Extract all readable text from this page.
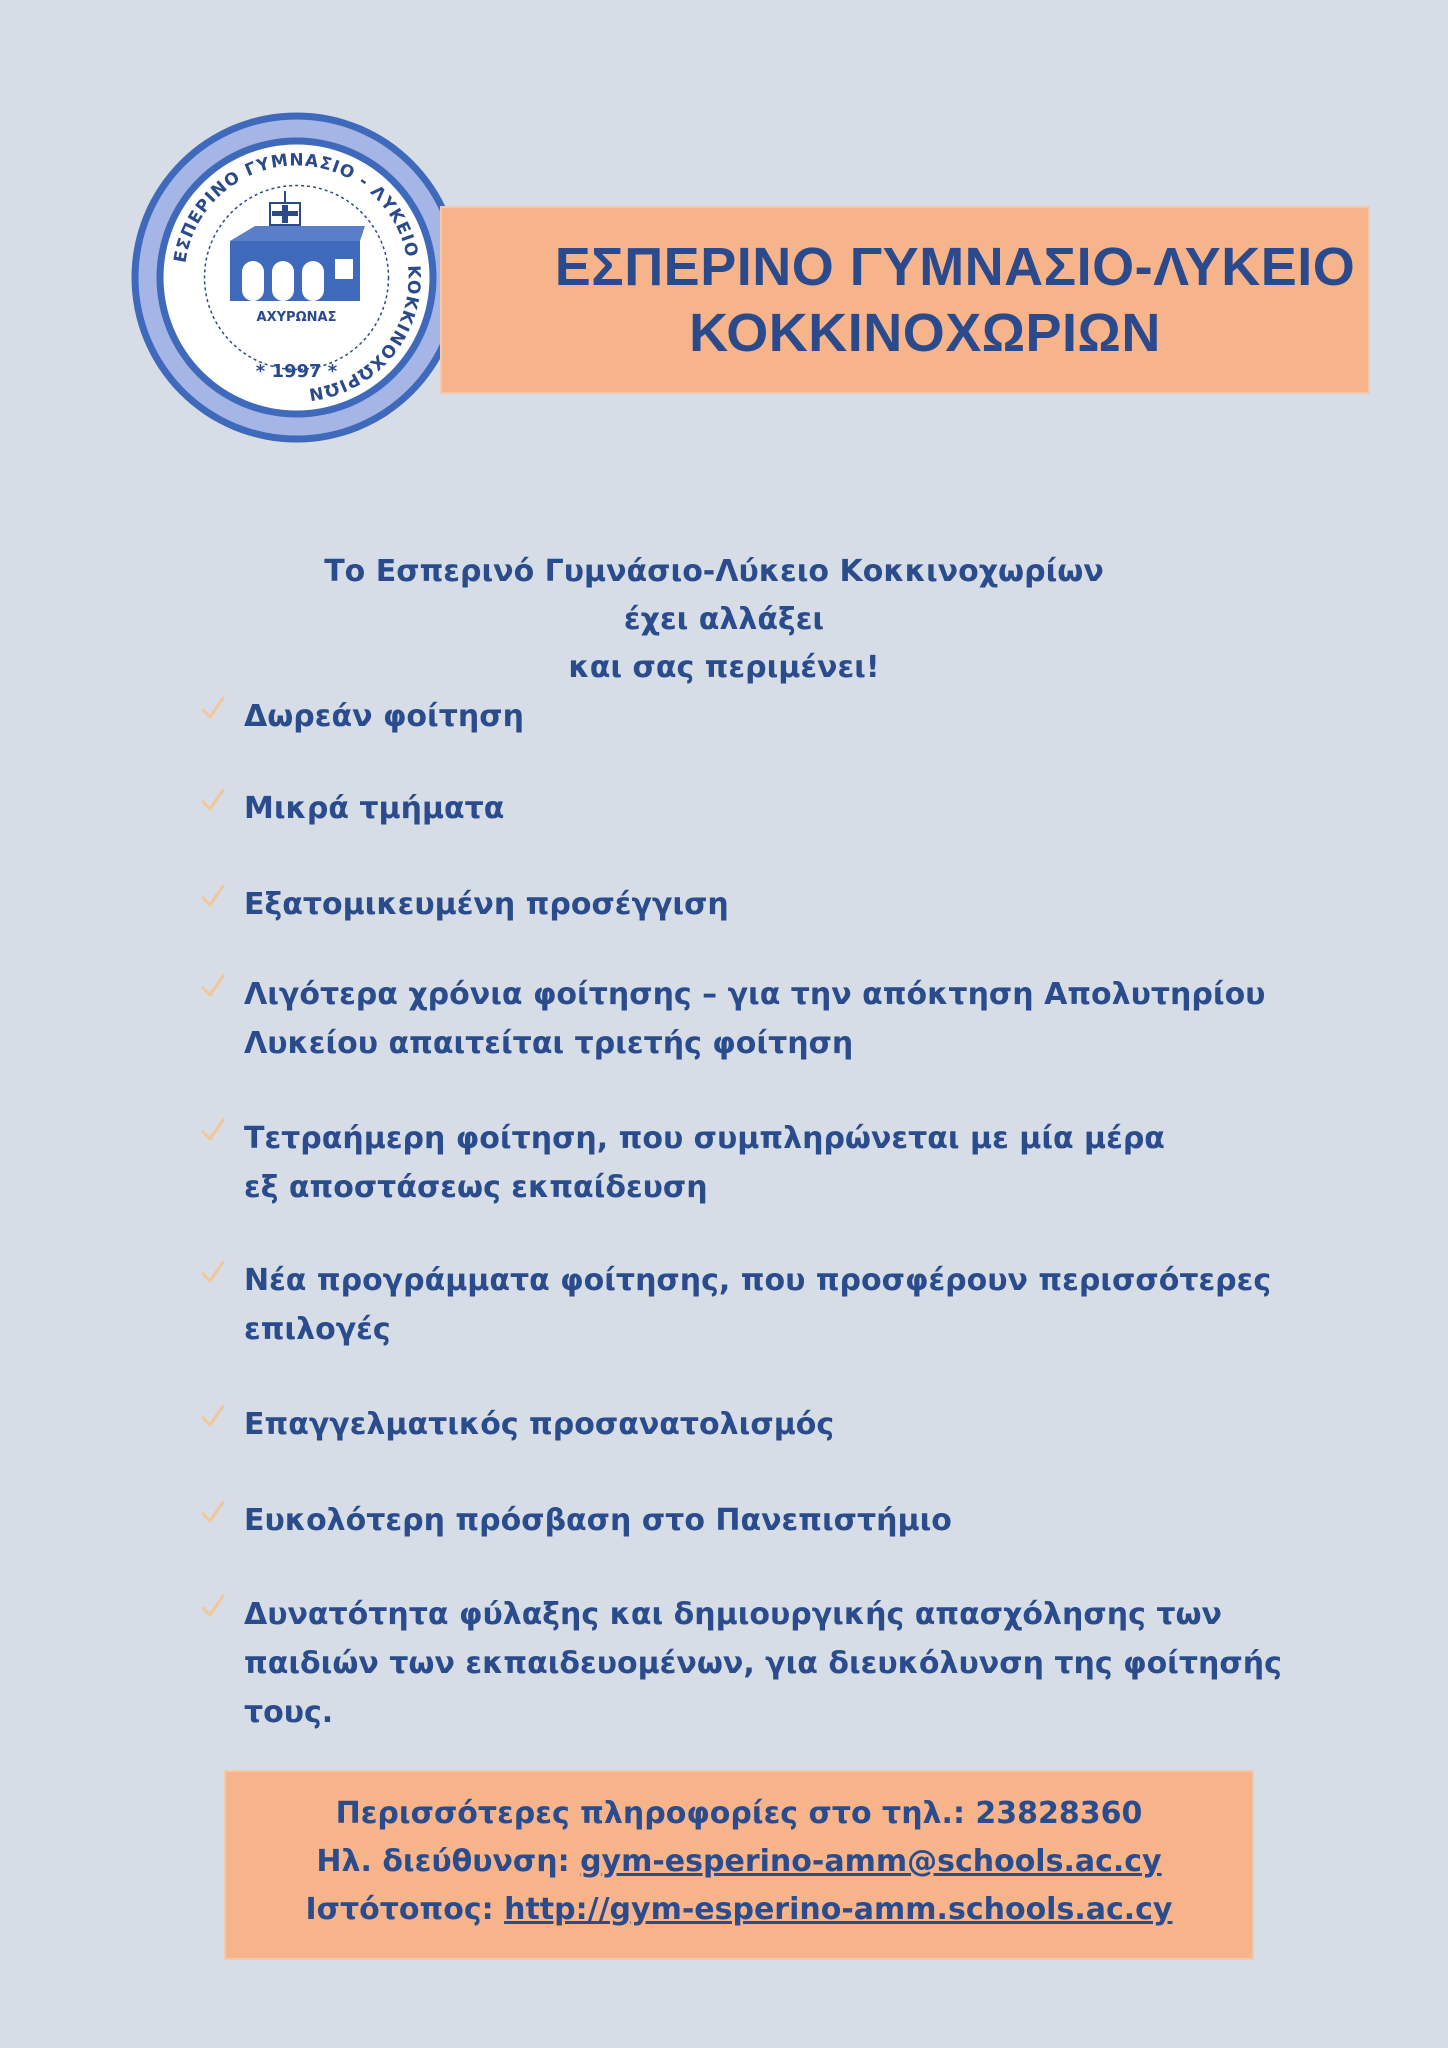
ΕΣΠΕΡΙΝΟ ΓΥΜΝΑΣΙΟ - ΛΥΚΕΙΟ ΚΟΚΚΙΝΟΧΩΡΙΩΝ
ΑΧΥΡΩΝΑΣ
* 1997 *
ΕΣΠΕΡΙΝΟ ΓΥΜΝΑΣΙΟ-ΛΥΚΕΙΟ
ΚΟΚΚΙΝΟΧΩΡΙΩΝ
Το Εσπερινό Γυμνάσιο-Λύκειο Κοκκινοχωρίων
έχει αλλάξει
και σας περιμένει!
Δωρεάν φοίτηση
Μικρά τμήματα
Εξατομικευμένη προσέγγιση
Λιγότερα χρόνια φοίτησης – για την απόκτηση Απολυτηρίου
Λυκείου απαιτείται τριετής φοίτηση
Τετραήμερη φοίτηση, που συμπληρώνεται με μία μέρα
εξ αποστάσεως εκπαίδευση
Νέα προγράμματα φοίτησης, που προσφέρουν περισσότερες
επιλογές
Επαγγελματικός προσανατολισμός
Ευκολότερη πρόσβαση στο Πανεπιστήμιο
Δυνατότητα φύλαξης και δημιουργικής απασχόλησης των
παιδιών των εκπαιδευομένων, για διευκόλυνση της φοίτησής
τους.
Περισσότερες πληροφορίες στο τηλ.: 23828360
Ηλ. διεύθυνση: gym-esperino-amm@schools.ac.cy
Ιστότοπος: http://gym-esperino-amm.schools.ac.cy
